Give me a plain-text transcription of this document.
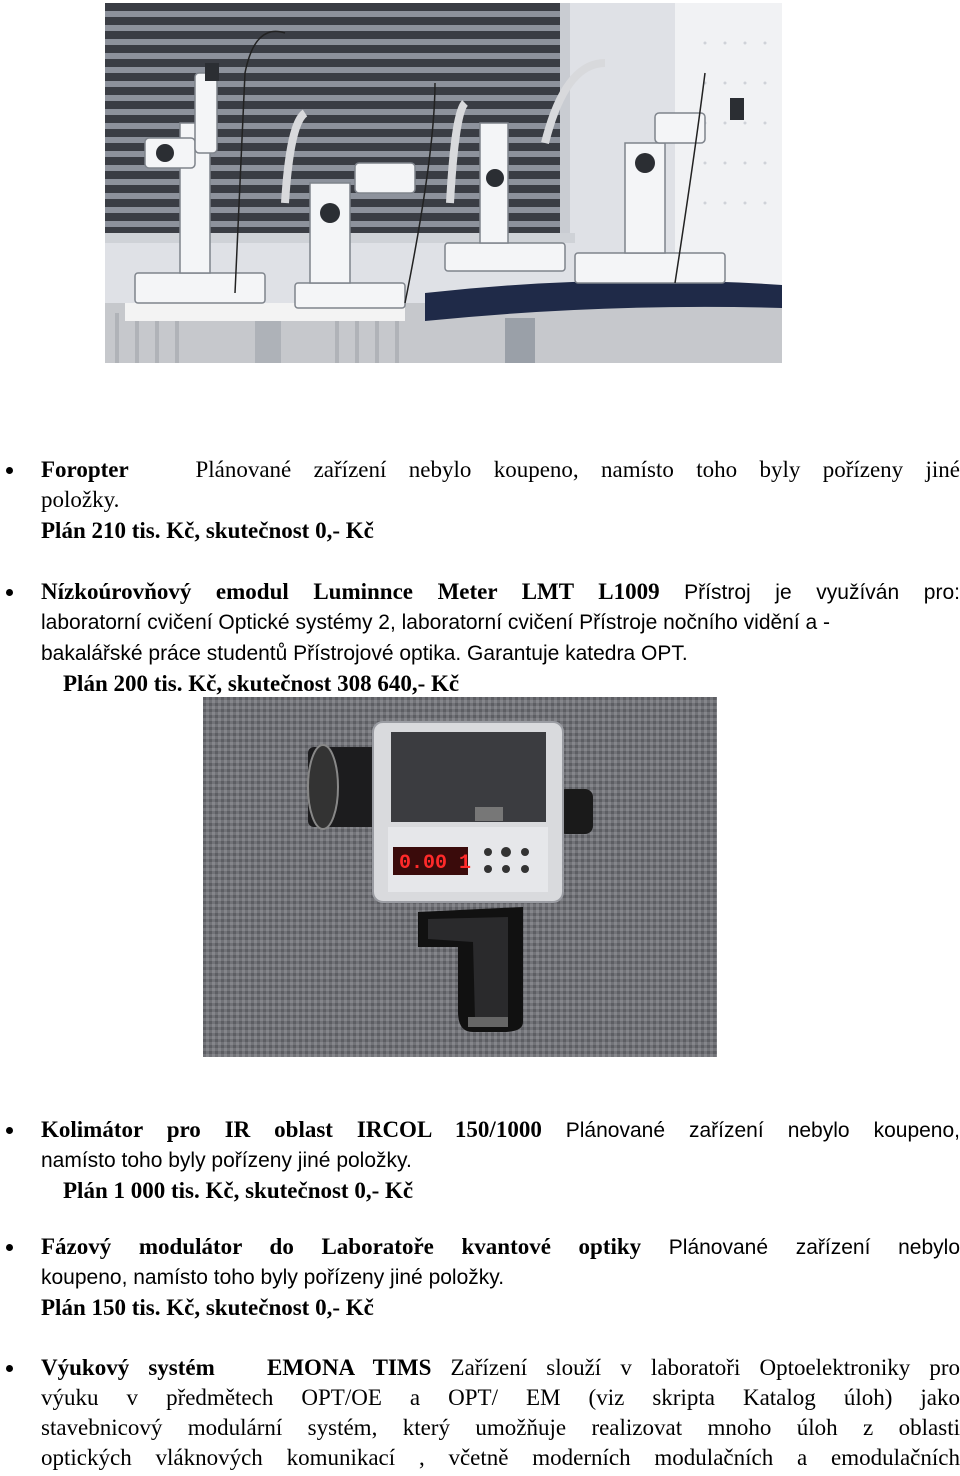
Foropter	Plánované zařízení nebylo koupeno, namísto toho byly pořízeny jiné
položky.
Plán 210 tis. Kč, skutečnost 0,- Kč
Nízkoúrovňový emodul Luminnce Meter LMT L1009 Přístroj je využíván pro:
laboratorní cvičení Optické systémy 2, laboratorní cvičení Přístroje nočního vidění a -
bakalářské práce studentů Přístrojové optika. Garantuje katedra OPT.
Plán 200 tis. Kč, skutečnost 308 640,- Kč
0.00 1
Kolimátor pro IR oblast IRCOL 150/1000 Plánované zařízení nebylo koupeno,
namísto toho byly pořízeny jiné položky.
Plán 1 000 tis. Kč, skutečnost 0,- Kč
Fázový modulátor do Laboratoře kvantové optiky Plánované zařízení nebylo
koupeno, namísto toho byly pořízeny jiné položky.
Plán 150 tis. Kč, skutečnost 0,- Kč
Výukový systém EMONA TIMS Zařízení slouží v laboratoři Optoelektroniky pro
výuku v předmětech OPT/OE a OPT/ EM (viz skripta Katalog úloh) jako
stavebnicový modulární systém, který umožňuje realizovat mnoho úloh z oblasti
optických vláknových komunikací , včetně moderních modulačních a emodulačních
